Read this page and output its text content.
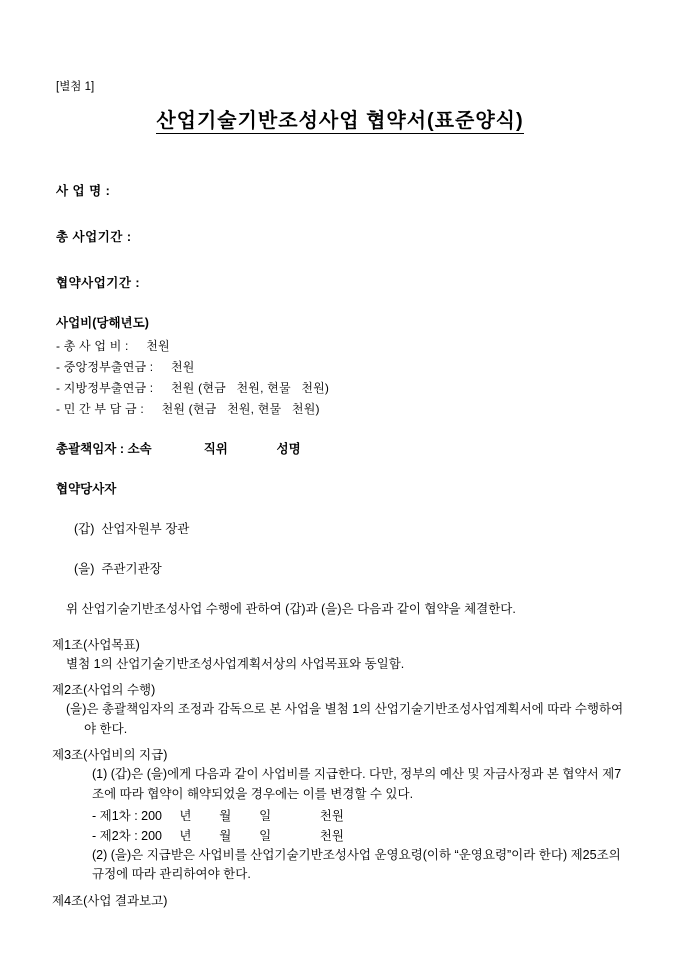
[별첨 1]
산업기술기반조성사업 협약서(표준양식)
사 업 명 :
총 사업기간 :
협약사업기간 :
사업비(당해년도)
- 총 사 업 비 :     천원
- 중앙정부출연금 :     천원
- 지방정부출연금 :     천원 (현금   천원, 현물   천원)
- 민 간 부 담 금 :     천원 (현금   천원, 현물   천원)
총괄책임자 : 소속               직위              성명
협약당사자
(갑)  산업자원부 장관
(을)  주관기관장
위 산업기술기반조성사업 수행에 관하여 (갑)과 (을)은 다음과 같이 협약을 체결한다.
제1조(사업목표)
별첨 1의 산업기술기반조성사업계획서상의 사업목표와 동일함.
제2조(사업의 수행)
(을)은 총괄책임자의 조정과 감독으로 본 사업을 별첨 1의 산업기술기반조성사업계획서에 따라 수행하여야 한다.
제3조(사업비의 지급)
(1) (갑)은 (을)에게 다음과 같이 사업비를 지급한다. 다만, 정부의 예산 및 자금사정과 본 협약서 제7조에 따라 협약이 해약되었을 경우에는 이를 변경할 수 있다.
- 제1차 : 200     년        월        일              천원
- 제2차 : 200     년        월        일              천원
(2) (을)은 지급받은 사업비를 산업기술기반조성사업 운영요령(이하 “운영요령”이라 한다) 제25조의 규정에 따라 관리하여야 한다.
제4조(사업 결과보고)
